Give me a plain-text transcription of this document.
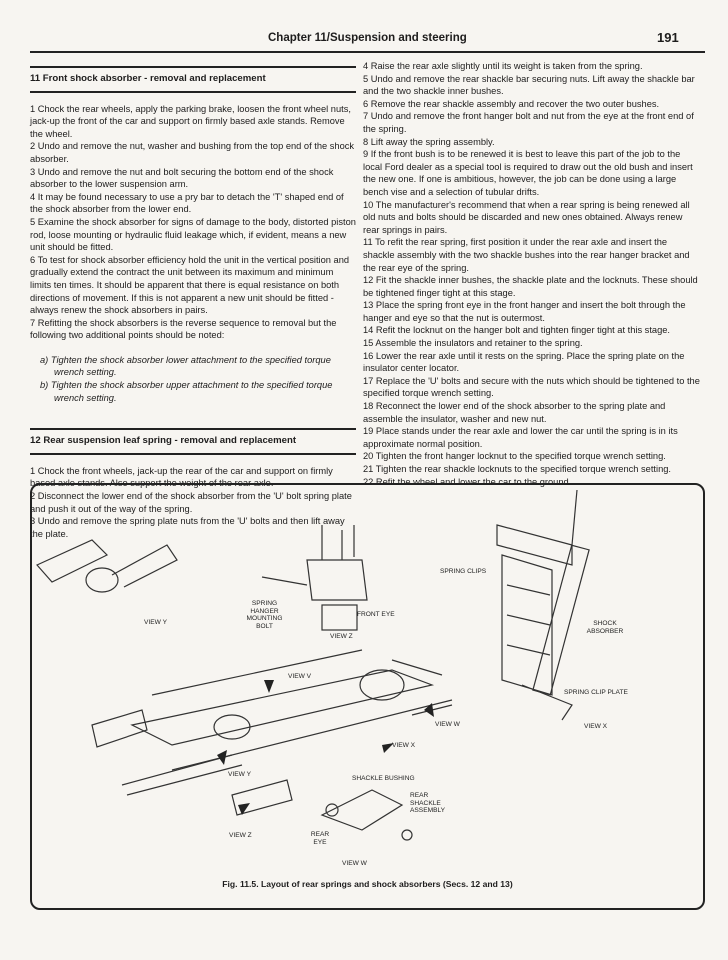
Chapter 11/Suspension and steering	191
11 Front shock absorber - removal and replacement

1 Chock the rear wheels, apply the parking brake, loosen the front wheel nuts, jack-up the front of the car and support on firmly based axle stands. Remove the wheel.

2 Undo and remove the nut, washer and bushing from the top end of the shock absorber.

3 Undo and remove the nut and bolt securing the bottom end of the shock absorber to the lower suspension arm.

4 It may be found necessary to use a pry bar to detach the 'T' shaped end of the shock absorber from the lower end.

5 Examine the shock absorber for signs of damage to the body, distorted piston rod, loose mounting or hydraulic fluid leakage which, if evident, means a new unit should be fitted.

6 To test for shock absorber efficiency hold the unit in the vertical position and gradually extend the contract the unit between its maximum and minimum limits ten times. It should be apparent that there is equal resistance on both directions of movement. If this is not apparent a new unit should be fitted - always renew the shock absorbers in pairs.

7 Refitting the shock absorbers is the reverse sequence to removal but the following two additional points should be noted:

a) Tighten the shock absorber lower attachment to the specified torque wrench setting.

b) Tighten the shock absorber upper attachment to the specified torque wrench setting.

12 Rear suspension leaf spring - removal and replacement

1 Chock the front wheels, jack-up the rear of the car and support on firmly based axle stands. Also support the weight of the rear axle.

2 Disconnect the lower end of the shock absorber from the 'U' bolt spring plate and push it out of the way of the spring.

3 Undo and remove the spring plate nuts from the 'U' bolts and then lift away the plate.

4 Raise the rear axle slightly until its weight is taken from the spring.

5 Undo and remove the rear shackle bar securing nuts. Lift away the shackle bar and the two shackle inner bushes.

6 Remove the rear shackle assembly and recover the two outer bushes.

7 Undo and remove the front hanger bolt and nut from the eye at the front end of the spring.

8 Lift away the spring assembly.

9 If the front bush is to be renewed it is best to leave this part of the job to the local Ford dealer as a special tool is required to draw out the old bush and insert the new one. If one is ambitious, however, the job can be done using a large bench vise and a selection of tubular drifts.

10 The manufacturer's recommend that when a rear spring is being renewed all old nuts and bolts should be discarded and new ones obtained. Always renew rear springs in pairs.

11 To refit the rear spring, first position it under the rear axle and insert the shackle assembly with the two shackle bushes into the rear hanger bracket and the rear eye of the spring.

12 Fit the shackle inner bushes, the shackle plate and the locknuts. These should be tightened finger tight at this stage.

13 Place the spring front eye in the front hanger and insert the bolt through the hanger and eye so that the nut is outermost.

14 Refit the locknut on the hanger bolt and tighten finger tight at this stage.

15 Assemble the insulators and retainer to the spring.

16 Lower the rear axle until it rests on the spring. Place the spring plate on the insulator center locator.

17 Replace the 'U' bolts and secure with the nuts which should be tightened to the specified torque wrench setting.

18 Reconnect the lower end of the shock absorber to the spring plate and assemble the insulator, washer and new nut.

19 Place stands under the rear axle and lower the car until the spring is in its approximate normal position.

20 Tighten the front hanger locknut to the specified torque wrench setting.

21 Tighten the rear shackle locknuts to the specified torque wrench setting.

22 Refit the wheel and lower the car to the ground.

VIEW Y
SPRING HANGER MOUNTING BOLT
FRONT EYE
VIEW Z
SPRING CLIPS
SHOCK ABSORBER
SPRING CLIP PLATE
VIEW X
VIEW V
VIEW W
VIEW X
VIEW Y
SHACKLE BUSHING
REAR SHACKLE ASSEMBLY
REAR EYE
VIEW Z
VIEW W
Fig. 11.5. Layout of rear springs and shock absorbers (Secs. 12 and 13)
